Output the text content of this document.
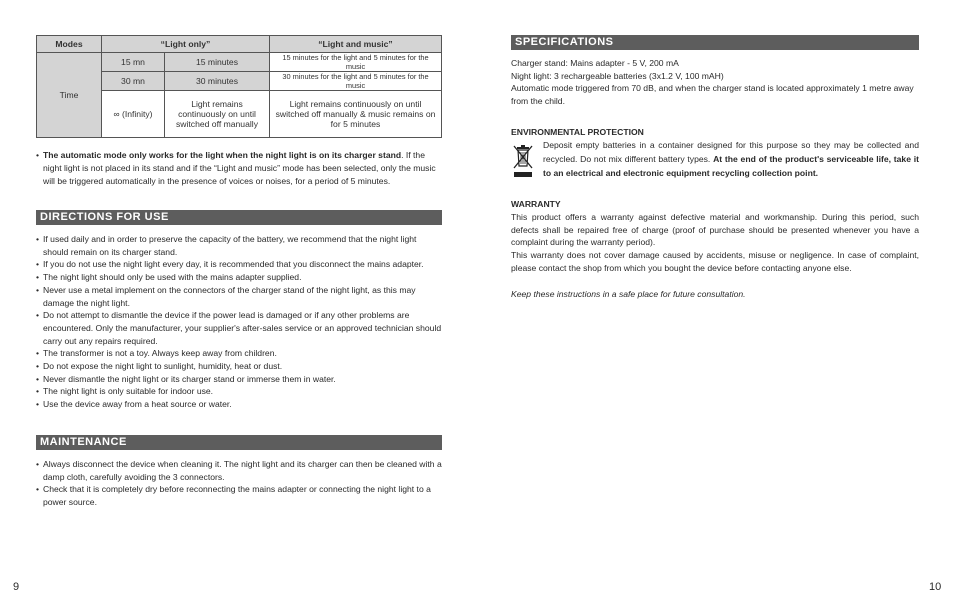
Modes	“Light only”		“Light and music”
Time	15 mn	15 minutes	15 minutes for the light and 5 minutes for the music
	30 mn	30 minutes	30 minutes for the light and 5 minutes for the music
	∞ (Infinity)	Light remains continuously on until switched off manually	Light remains continuously on until switched off manually & music remains on for 5 minutes
• The automatic mode only works for the light when the night light is on its charger stand. If the night light is not placed in its stand and if the “Light and music” mode has been selected, only the music will be triggered automatically in the presence of voices or noises, for a period of 5 minutes.
DIRECTIONS FOR USE
• If used daily and in order to preserve the capacity of the battery, we recommend that the night light should remain on its charger stand.
• If you do not use the night light every day, it is recommended that you disconnect the mains adapter.
• The night light should only be used with the mains adapter supplied.
• Never use a metal implement on the connectors of the charger stand of the night light, as this may damage the night light.
• Do not attempt to dismantle the device if the power lead is damaged or if any other problems are encountered. Only the manufacturer, your supplier's after-sales service or an approved technician should carry out any repairs required.
• The transformer is not a toy. Always keep away from children.
• Do not expose the night light to sunlight, humidity, heat or dust.
• Never dismantle the night light or its charger stand or immerse them in water.
• The night light is only suitable for indoor use.
• Use the device away from a heat source or water.
MAINTENANCE
• Always disconnect the device when cleaning it. The night light and its charger can then be cleaned with a damp cloth, carefully avoiding the 3 connectors.
• Check that it is completely dry before reconnecting the mains adapter or connecting the night light to a power source.
SPECIFICATIONS

Charger stand: Mains adapter - 5 V, 200 mA

Night light: 3 rechargeable batteries (3x1.2 V, 100 mAH)

Automatic mode triggered from 70 dB, and when the charger stand is located approximately 1 metre away from the child.

ENVIRONMENTAL PROTECTION
Deposit empty batteries in a container designed for this purpose so they may be collected and recycled. Do not mix different battery types. At the end of the product's serviceable life, take it to an electrical and electronic equipment recycling collection point.
WARRANTY

This product offers a warranty against defective material and workmanship. During this period, such defects shall be repaired free of charge (proof of purchase should be presented whenever you have a complaint during the warranty period).

This warranty does not cover damage caused by accidents, misuse or negligence. In case of complaint, please contact the shop from which you bought the device before contacting anyone else.

Keep these instructions in a safe place for future consultation.
9	10
